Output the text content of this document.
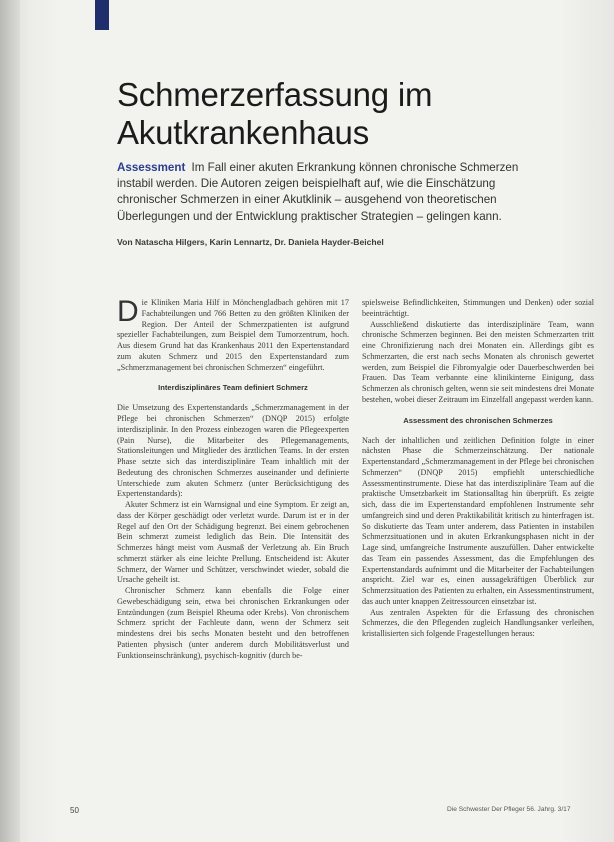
Schmerzerfassung im
Akutkrankenhaus

Assessment Im Fall einer akuten Erkrankung können chronische Schmerzen instabil werden. Die Autoren zeigen beispielhaft auf, wie die Einschätzung chronischer Schmerzen in einer Akutklinik – ausgehend von theoretischen Überlegungen und der Entwicklung praktischer Strategien – gelingen kann.

Von Natascha Hilgers, Karin Lennartz, Dr. Daniela Hayder-Beichel

Die Kliniken Maria Hilf in Mönchengladbach gehören mit 17 Fachabteilungen und 766 Betten zu den größten Kliniken der Region. Der Anteil der Schmerzpatienten ist aufgrund spezieller Fachabteilungen, zum Beispiel dem Tumorzentrum, hoch. Aus diesem Grund hat das Krankenhaus 2011 den Expertenstandard zum akuten Schmerz und 2015 den Expertenstandard zum „Schmerzmanagement bei chronischen Schmerzen“ eingeführt.

Interdisziplinäres Team definiert Schmerz

Die Umsetzung des Expertenstandards „Schmerzmanagement in der Pflege bei chronischen Schmerzen“ (DNQP 2015) erfolgte interdisziplinär. In den Prozess einbezogen waren die Pflegeexperten (Pain Nurse), die Mitarbeiter des Pflegemanagements, Stationsleitungen und Mitglieder des ärztlichen Teams. In der ersten Phase setzte sich das interdisziplinäre Team inhaltlich mit der Bedeutung des chronischen Schmerzes auseinander und definierte Unterschiede zum akuten Schmerz (unter Berücksichtigung des Expertenstandards):

Akuter Schmerz ist ein Warnsignal und eine Symptom. Er zeigt an, dass der Körper geschädigt oder verletzt wurde. Darum ist er in der Regel auf den Ort der Schädigung begrenzt. Bei einem gebrochenen Bein schmerzt zumeist lediglich das Bein. Die Intensität des Schmerzes hängt meist vom Ausmaß der Verletzung ab. Ein Bruch schmerzt stärker als eine leichte Prellung. Entscheidend ist: Akuter Schmerz, der Warner und Schützer, verschwindet wieder, sobald die Ursache geheilt ist.

Chronischer Schmerz kann ebenfalls die Folge einer Gewebeschädigung sein, etwa bei chronischen Erkrankungen oder Entzündungen (zum Beispiel Rheuma oder Krebs). Von chronischem Schmerz spricht der Fachleute dann, wenn der Schmerz seit mindestens drei bis sechs Monaten besteht und den betroffenen Patienten physisch (unter anderem durch Mobilitätsverlust und Funktionseinschränkung), psychisch-kognitiv (durch be-

spielsweise Befindlichkeiten, Stimmungen und Denken) oder sozial beeinträchtigt.

Ausschließend diskutierte das interdisziplinäre Team, wann chronische Schmerzen beginnen. Bei den meisten Schmerzarten tritt eine Chronifizierung nach drei Monaten ein. Allerdings gibt es Schmerzarten, die erst nach sechs Monaten als chronisch gewertet werden, zum Beispiel die Fibromyalgie oder Dauerbeschwerden bei Frauen. Das Team verbannte eine klinikinterne Einigung, dass Schmerzen als chronisch gelten, wenn sie seit mindestens drei Monate bestehen, wobei dieser Zeitraum im Einzelfall angepasst werden kann.

Assessment des chronischen Schmerzes

Nach der inhaltlichen und zeitlichen Definition folgte in einer nächsten Phase die Schmerzeinschätzung. Der nationale Expertenstandard „Schmerzmanagement in der Pflege bei chronischen Schmerzen“ (DNQP 2015) empfiehlt unterschiedliche Assessmentinstrumente. Diese hat das interdisziplinäre Team auf die praktische Umsetzbarkeit im Stationsalltag hin überprüft. Es zeigte sich, dass die im Expertenstandard empfohlenen Instrumente sehr umfangreich sind und deren Praktikabilität kritisch zu hinterfragen ist. So diskutierte das Team unter anderem, dass Patienten in instabilen Schmerzsituationen und in akuten Erkrankungsphasen nicht in der Lage sind, umfangreiche Instrumente auszufüllen. Daher entwickelte das Team ein passendes Assessment, das die Empfehlungen des Expertenstandards aufnimmt und die Mitarbeiter der Fachabteilungen anspricht. Ziel war es, einen aussagekräftigen Überblick zur Schmerzsituation des Patienten zu erhalten, ein Assessmentinstrument, das auch unter knappen Zeitressourcen einsetzbar ist.

Aus zentralen Aspekten für die Erfassung des chronischen Schmerzes, die den Pflegenden zugleich Handlungsanker verleihen, kristallisierten sich folgende Fragestellungen heraus:

50	Die Schwester Der Pfleger 56. Jahrg. 3/17
